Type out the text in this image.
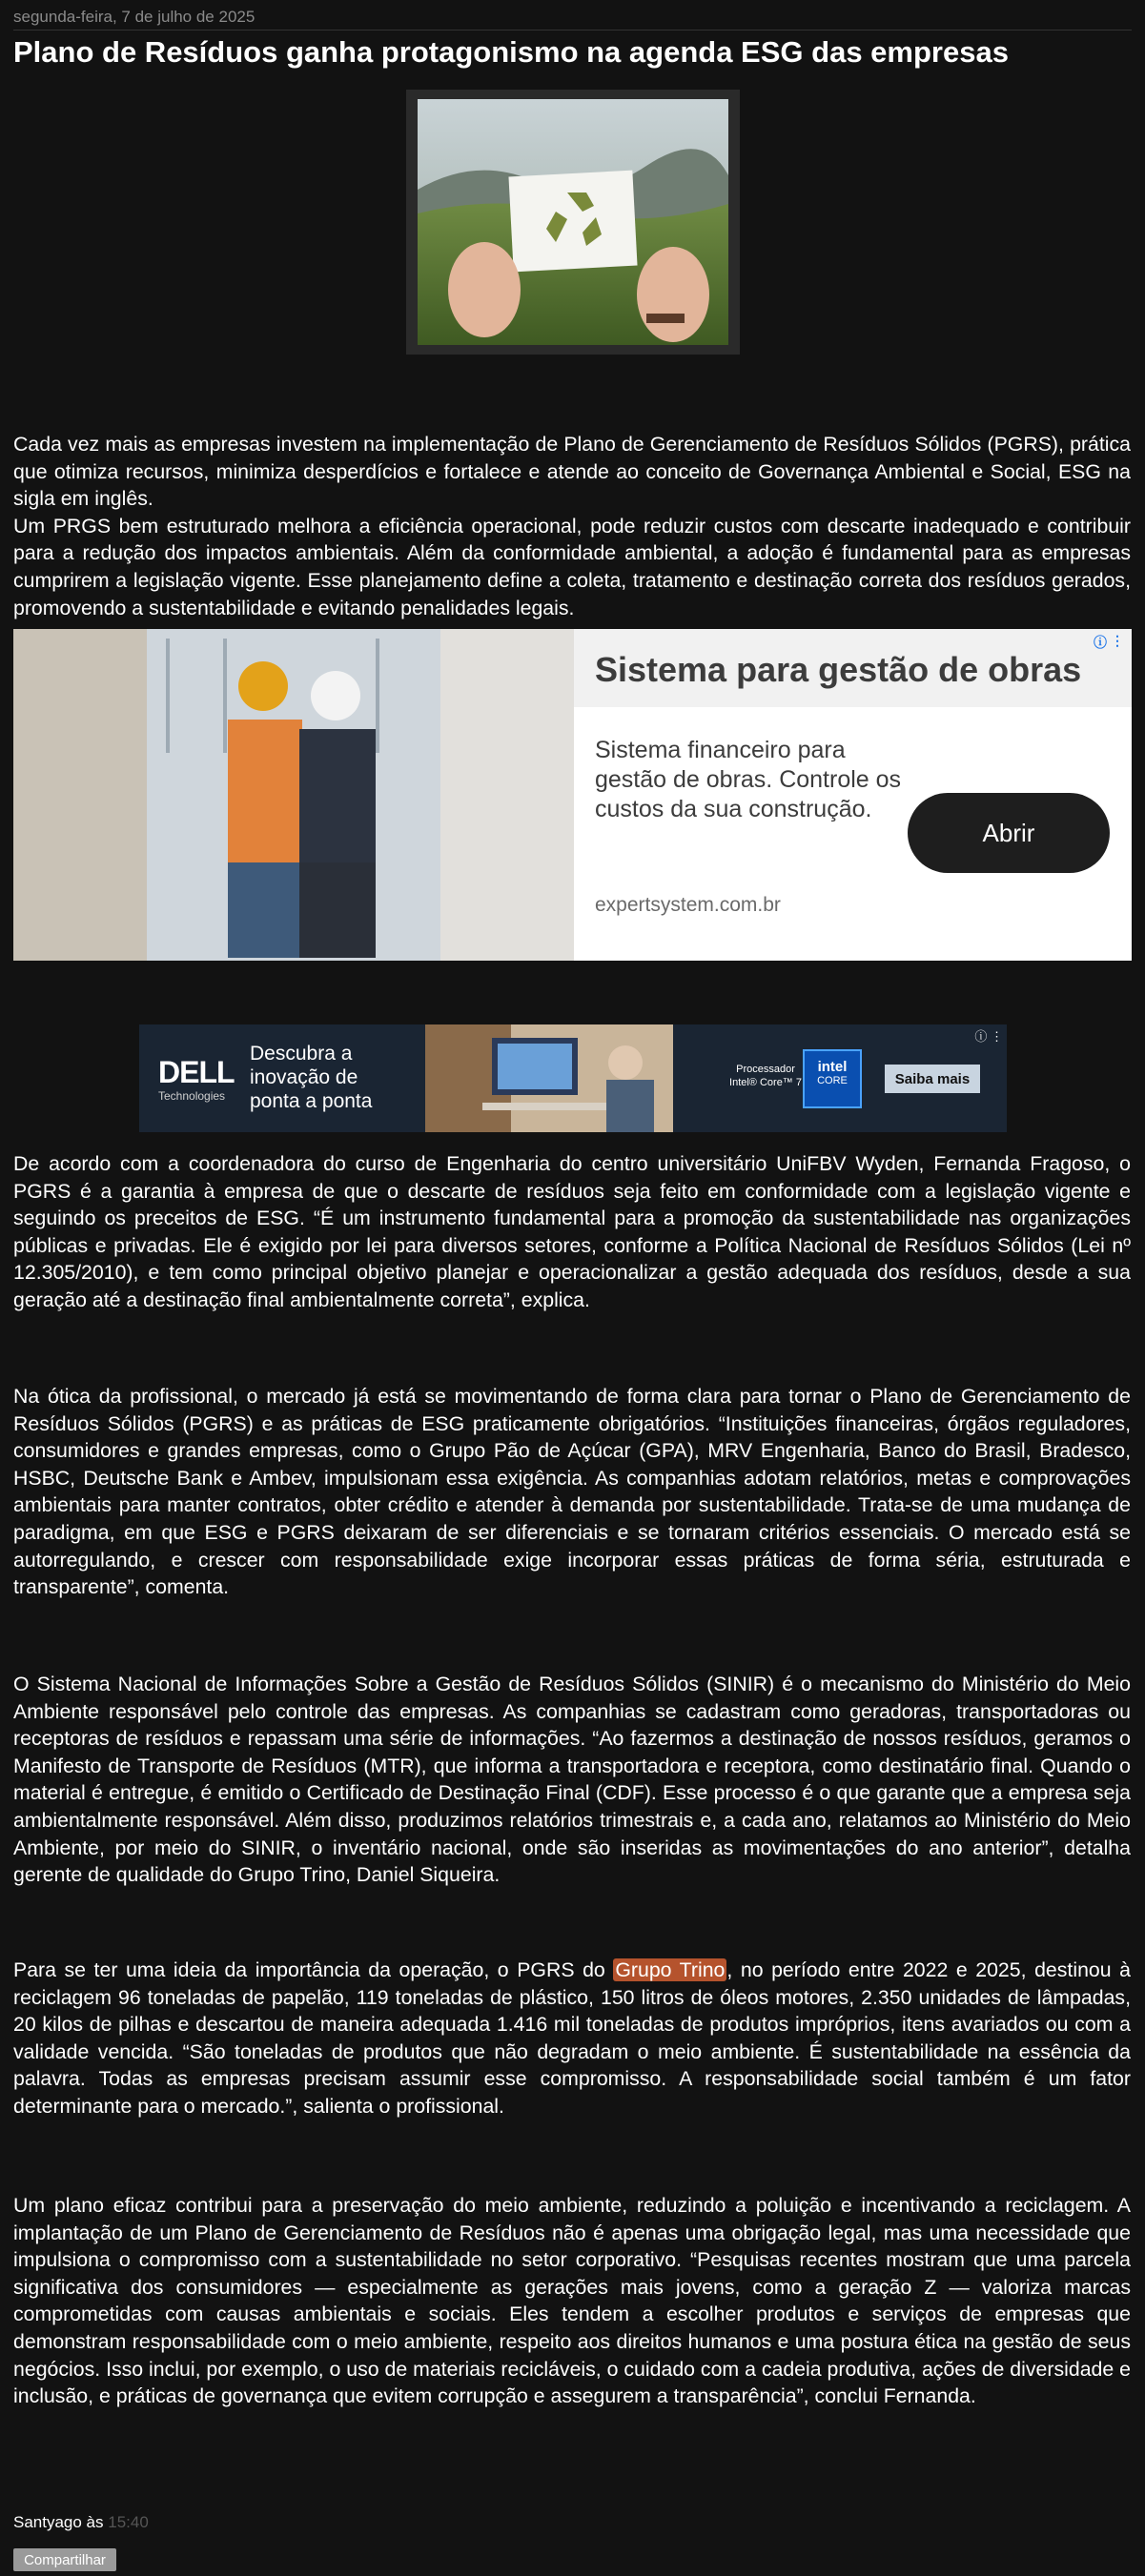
segunda-feira, 7 de julho de 2025
Plano de Resíduos ganha protagonismo na agenda ESG das empresas

Cada vez mais as empresas investem na implementação de Plano de Gerenciamento de Resíduos Sólidos (PGRS), prática que otimiza recursos, minimiza desperdícios e fortalece e atende ao conceito de Governança Ambiental e Social, ESG na sigla em inglês.

Um PRGS bem estruturado melhora a eficiência operacional, pode reduzir custos com descarte inadequado e contribuir para a redução dos impactos ambientais. Além da conformidade ambiental, a adoção é fundamental para as empresas cumprirem a legislação vigente. Esse planejamento define a coleta, tratamento e destinação correta dos resíduos gerados, promovendo a sustentabilidade e evitando penalidades legais.

Sistema para gestão de obras
Sistema financeiro para gestão de obras. Controle os custos da sua construção.
expertsystem.com.br
Abrir
ⓘ ⋮
DELL
Technologies
Descubra a inovação de ponta a ponta
Processador Intel® Core™ 7
intel
CORE	Saiba mais
ⓘ ⋮

De acordo com a coordenadora do curso de Engenharia do centro universitário UniFBV Wyden, Fernanda Fragoso, o PGRS é a garantia à empresa de que o descarte de resíduos seja feito em conformidade com a legislação vigente e seguindo os preceitos de ESG. “É um instrumento fundamental para a promoção da sustentabilidade nas organizações públicas e privadas. Ele é exigido por lei para diversos setores, conforme a Política Nacional de Resíduos Sólidos (Lei nº 12.305/2010), e tem como principal objetivo planejar e operacionalizar a gestão adequada dos resíduos, desde a sua geração até a destinação final ambientalmente correta”, explica.

Na ótica da profissional, o mercado já está se movimentando de forma clara para tornar o Plano de Gerenciamento de Resíduos Sólidos (PGRS) e as práticas de ESG praticamente obrigatórios. “Instituições financeiras, órgãos reguladores, consumidores e grandes empresas, como o Grupo Pão de Açúcar (GPA), MRV Engenharia, Banco do Brasil, Bradesco, HSBC, Deutsche Bank e Ambev, impulsionam essa exigência. As companhias adotam relatórios, metas e comprovações ambientais para manter contratos, obter crédito e atender à demanda por sustentabilidade. Trata-se de uma mudança de paradigma, em que ESG e PGRS deixaram de ser diferenciais e se tornaram critérios essenciais. O mercado está se autorregulando, e crescer com responsabilidade exige incorporar essas práticas de forma séria, estruturada e transparente”, comenta.

O Sistema Nacional de Informações Sobre a Gestão de Resíduos Sólidos (SINIR) é o mecanismo do Ministério do Meio Ambiente responsável pelo controle das empresas. As companhias se cadastram como geradoras, transportadoras ou receptoras de resíduos e repassam uma série de informações. “Ao fazermos a destinação de nossos resíduos, geramos o Manifesto de Transporte de Resíduos (MTR), que informa a transportadora e receptora, como destinatário final. Quando o material é entregue, é emitido o Certificado de Destinação Final (CDF). Esse processo é o que garante que a empresa seja ambientalmente responsável. Além disso, produzimos relatórios trimestrais e, a cada ano, relatamos ao Ministério do Meio Ambiente, por meio do SINIR, o inventário nacional, onde são inseridas as movimentações do ano anterior”, detalha gerente de qualidade do Grupo Trino, Daniel Siqueira.

Para se ter uma ideia da importância da operação, o PGRS do Grupo Trino, no período entre 2022 e 2025, destinou à reciclagem 96 toneladas de papelão, 119 toneladas de plástico, 150 litros de óleos motores, 2.350 unidades de lâmpadas, 20 kilos de pilhas e descartou de maneira adequada 1.416 mil toneladas de produtos impróprios, itens avariados ou com a validade vencida. “São toneladas de produtos que não degradam o meio ambiente. É sustentabilidade na essência da palavra. Todas as empresas precisam assumir esse compromisso. A responsabilidade social também é um fator determinante para o mercado.”, salienta o profissional.

Um plano eficaz contribui para a preservação do meio ambiente, reduzindo a poluição e incentivando a reciclagem. A implantação de um Plano de Gerenciamento de Resíduos não é apenas uma obrigação legal, mas uma necessidade que impulsiona o compromisso com a sustentabilidade no setor corporativo. “Pesquisas recentes mostram que uma parcela significativa dos consumidores — especialmente as gerações mais jovens, como a geração Z — valoriza marcas comprometidas com causas ambientais e sociais. Eles tendem a escolher produtos e serviços de empresas que demonstram responsabilidade com o meio ambiente, respeito aos direitos humanos e uma postura ética na gestão de seus negócios. Isso inclui, por exemplo, o uso de materiais recicláveis, o cuidado com a cadeia produtiva, ações de diversidade e inclusão, e práticas de governança que evitem corrupção e assegurem a transparência”, conclui Fernanda.

Santyago às 15:40
Compartilhar
